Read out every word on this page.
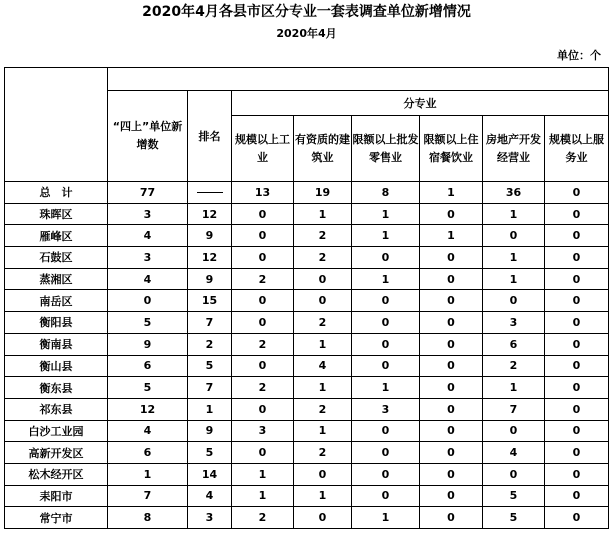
2020年4月各县市区分专业一套表调查单位新增情况
2020年4月
单位：个

	“四上”单位新增数	排名	分专业					
			规模以上工业	有资质的建筑业	限额以上批发零售业	限额以上住宿餐饮业	房地产开发经营业	规模以上服务业
总　计	77		13	19	8	1	36	0
珠晖区	3	12	0	1	1	0	1	0
雁峰区	4	9	0	2	1	1	0	0
石鼓区	3	12	0	2	0	0	1	0
蒸湘区	4	9	2	0	1	0	1	0
南岳区	0	15	0	0	0	0	0	0
衡阳县	5	7	0	2	0	0	3	0
衡南县	9	2	2	1	0	0	6	0
衡山县	6	5	0	4	0	0	2	0
衡东县	5	7	2	1	1	0	1	0
祁东县	12	1	0	2	3	0	7	0
白沙工业园	4	9	3	1	0	0	0	0
高新开发区	6	5	0	2	0	0	4	0
松木经开区	1	14	1	0	0	0	0	0
耒阳市	7	4	1	1	0	0	5	0
常宁市	8	3	2	0	1	0	5	0
